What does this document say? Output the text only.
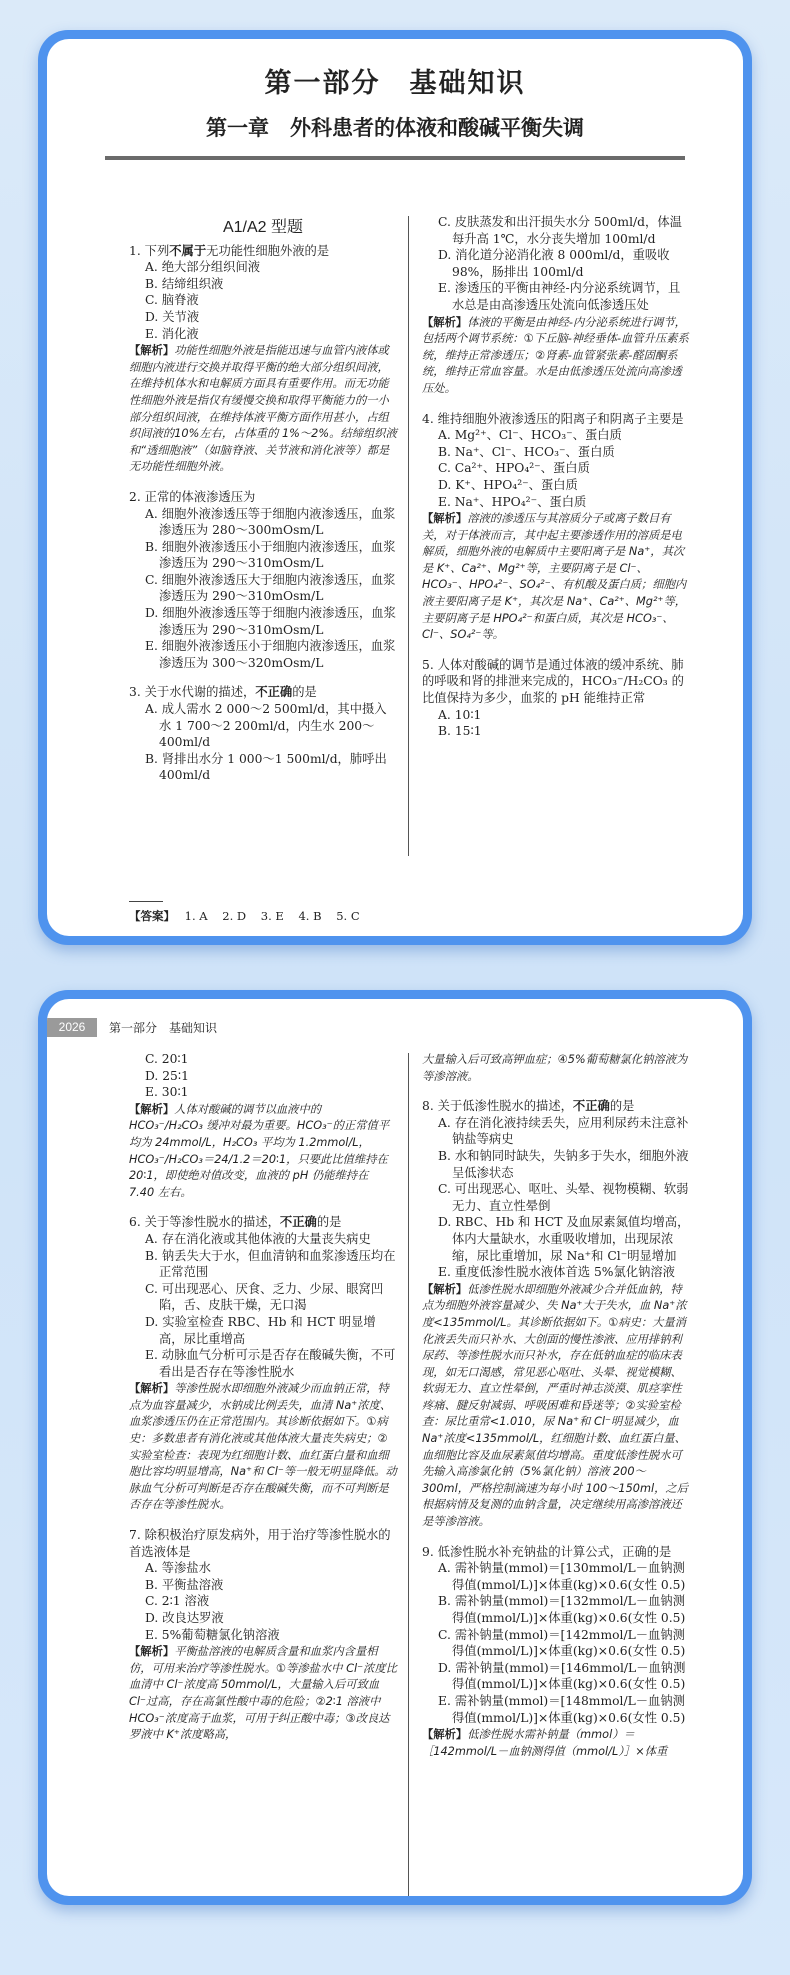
第一部分　基础知识
第一章　外科患者的体液和酸碱平衡失调
A1/A2 型题
1. 下列不属于无功能性细胞外液的是
A. 绝大部分组织间液
B. 结缔组织液
C. 脑脊液
D. 关节液
E. 消化液
【解析】功能性细胞外液是指能迅速与血管内液体或细胞内液进行交换并取得平衡的绝大部分组织间液，在维持机体水和电解质方面具有重要作用。而无功能性细胞外液是指仅有缓慢交换和取得平衡能力的一小部分组织间液，在维持体液平衡方面作用甚小，占组织间液的10%左右，占体重的 1%～2%。结缔组织液和“透细胞液”（如脑脊液、关节液和消化液等）都是无功能性细胞外液。
2. 正常的体液渗透压为
A. 细胞外液渗透压等于细胞内液渗透压，血浆渗透压为 280～300mOsm/L
B. 细胞外液渗透压小于细胞内液渗透压，血浆渗透压为 290～310mOsm/L
C. 细胞外液渗透压大于细胞内液渗透压，血浆渗透压为 290～310mOsm/L
D. 细胞外液渗透压等于细胞内液渗透压，血浆渗透压为 290～310mOsm/L
E. 细胞外液渗透压小于细胞内液渗透压，血浆渗透压为 300～320mOsm/L
3. 关于水代谢的描述，不正确的是
A. 成人需水 2 000～2 500ml/d，其中摄入水 1 700～2 200ml/d，内生水 200～400ml/d
B. 肾排出水分 1 000～1 500ml/d，肺呼出 400ml/d
C. 皮肤蒸发和出汗损失水分 500ml/d，体温每升高 1℃，水分丧失增加 100ml/d
D. 消化道分泌消化液 8 000ml/d，重吸收98%，肠排出 100ml/d
E. 渗透压的平衡由神经-内分泌系统调节，且水总是由高渗透压处流向低渗透压处
【解析】体液的平衡是由神经-内分泌系统进行调节，包括两个调节系统：①下丘脑-神经垂体-血管升压素系统，维持正常渗透压；②肾素-血管紧张素-醛固酮系统，维持正常血容量。水是由低渗透压处流向高渗透压处。
4. 维持细胞外液渗透压的阳离子和阴离子主要是
A. Mg²⁺、Cl⁻、HCO₃⁻、蛋白质
B. Na⁺、Cl⁻、HCO₃⁻、蛋白质
C. Ca²⁺、HPO₄²⁻、蛋白质
D. K⁺、HPO₄²⁻、蛋白质
E. Na⁺、HPO₄²⁻、蛋白质
【解析】溶液的渗透压与其溶质分子或离子数目有关，对于体液而言，其中起主要渗透作用的溶质是电解质，细胞外液的电解质中主要阳离子是 Na⁺，其次是 K⁺、Ca²⁺、Mg²⁺等，主要阴离子是 Cl⁻、HCO₃⁻、HPO₄²⁻、SO₄²⁻、有机酸及蛋白质；细胞内液主要阳离子是 K⁺，其次是 Na⁺、Ca²⁺、Mg²⁺等，主要阴离子是 HPO₄²⁻和蛋白质，其次是 HCO₃⁻、Cl⁻、SO₄²⁻等。
5. 人体对酸碱的调节是通过体液的缓冲系统、肺的呼吸和肾的排泄来完成的，HCO₃⁻/H₂CO₃ 的比值保持为多少，血浆的 pH 能维持正常
A. 10∶1
B. 15∶1
【答案】 1. A 2. D 3. E 4. B 5. C
2026	第一部分　基础知识
C. 20∶1
D. 25∶1
E. 30∶1
【解析】人体对酸碱的调节以血液中的 HCO₃⁻/H₂CO₃ 缓冲对最为重要。HCO₃⁻的正常值平均为 24mmol/L，H₂CO₃ 平均为 1.2mmol/L，HCO₃⁻/H₂CO₃＝24/1.2＝20∶1，只要此比值维持在 20∶1，即使绝对值改变，血液的 pH 仍能维持在 7.40 左右。
6. 关于等渗性脱水的描述，不正确的是
A. 存在消化液或其他体液的大量丧失病史
B. 钠丢失大于水，但血清钠和血浆渗透压均在正常范围
C. 可出现恶心、厌食、乏力、少尿、眼窝凹陷，舌、皮肤干燥，无口渴
D. 实验室检查 RBC、Hb 和 HCT 明显增高，尿比重增高
E. 动脉血气分析可示是否存在酸碱失衡，不可看出是否存在等渗性脱水
【解析】等渗性脱水即细胞外液减少而血钠正常，特点为血容量减少，水钠成比例丢失，血清 Na⁺浓度、血浆渗透压仍在正常范围内。其诊断依据如下。①病史：多数患者有消化液或其他体液大量丧失病史；②实验室检查：表现为红细胞计数、血红蛋白量和血细胞比容均明显增高，Na⁺和 Cl⁻等一般无明显降低。动脉血气分析可判断是否存在酸碱失衡，而不可判断是否存在等渗性脱水。
7. 除积极治疗原发病外，用于治疗等渗性脱水的首选液体是
A. 等渗盐水
B. 平衡盐溶液
C. 2∶1 溶液
D. 改良达罗液
E. 5%葡萄糖氯化钠溶液
【解析】平衡盐溶液的电解质含量和血浆内含量相仿，可用来治疗等渗性脱水。①等渗盐水中 Cl⁻浓度比血清中 Cl⁻浓度高 50mmol/L，大量输入后可致血 Cl⁻过高，存在高氯性酸中毒的危险；②2∶1 溶液中 HCO₃⁻浓度高于血浆，可用于纠正酸中毒；③改良达罗液中 K⁺浓度略高，
大量输入后可致高钾血症；④5%葡萄糖氯化钠溶液为等渗溶液。
8. 关于低渗性脱水的描述，不正确的是
A. 存在消化液持续丢失，应用利尿药未注意补钠盐等病史
B. 水和钠同时缺失，失钠多于失水，细胞外液呈低渗状态
C. 可出现恶心、呕吐、头晕、视物模糊、软弱无力、直立性晕倒
D. RBC、Hb 和 HCT 及血尿素氮值均增高，体内大量缺水，水重吸收增加，出现尿浓缩，尿比重增加，尿 Na⁺和 Cl⁻明显增加
E. 重度低渗性脱水液体首选 5%氯化钠溶液
【解析】低渗性脱水即细胞外液减少合并低血钠，特点为细胞外液容量减少、失 Na⁺大于失水，血 Na⁺浓度<135mmol/L。其诊断依据如下。①病史：大量消化液丢失而只补水、大创面的慢性渗液、应用排钠利尿药、等渗性脱水而只补水，存在低钠血症的临床表现，如无口渴感，常见恶心呕吐、头晕、视觉模糊、软弱无力、直立性晕倒，严重时神志淡漠、肌痉挛性疼痛、腱反射减弱、呼吸困难和昏迷等；②实验室检查：尿比重常<1.010，尿 Na⁺和 Cl⁻明显减少，血 Na⁺浓度<135mmol/L，红细胞计数、血红蛋白量、血细胞比容及血尿素氮值均增高。重度低渗性脱水可先输入高渗氯化钠（5%氯化钠）溶液 200～300ml，严格控制滴速为每小时 100～150ml，之后根据病情及复测的血钠含量，决定继续用高渗溶液还是等渗溶液。
9. 低渗性脱水补充钠盐的计算公式，正确的是
A. 需补钠量(mmol)＝[130mmol/L－血钠测得值(mmol/L)]×体重(kg)×0.6(女性 0.5)
B. 需补钠量(mmol)＝[132mmol/L－血钠测得值(mmol/L)]×体重(kg)×0.6(女性 0.5)
C. 需补钠量(mmol)＝[142mmol/L－血钠测得值(mmol/L)]×体重(kg)×0.6(女性 0.5)
D. 需补钠量(mmol)＝[146mmol/L－血钠测得值(mmol/L)]×体重(kg)×0.6(女性 0.5)
E. 需补钠量(mmol)＝[148mmol/L－血钠测得值(mmol/L)]×体重(kg)×0.6(女性 0.5)
【解析】低渗性脱水需补钠量（mmol）＝［142mmol/L－血钠测得值（mmol/L）］×体重
